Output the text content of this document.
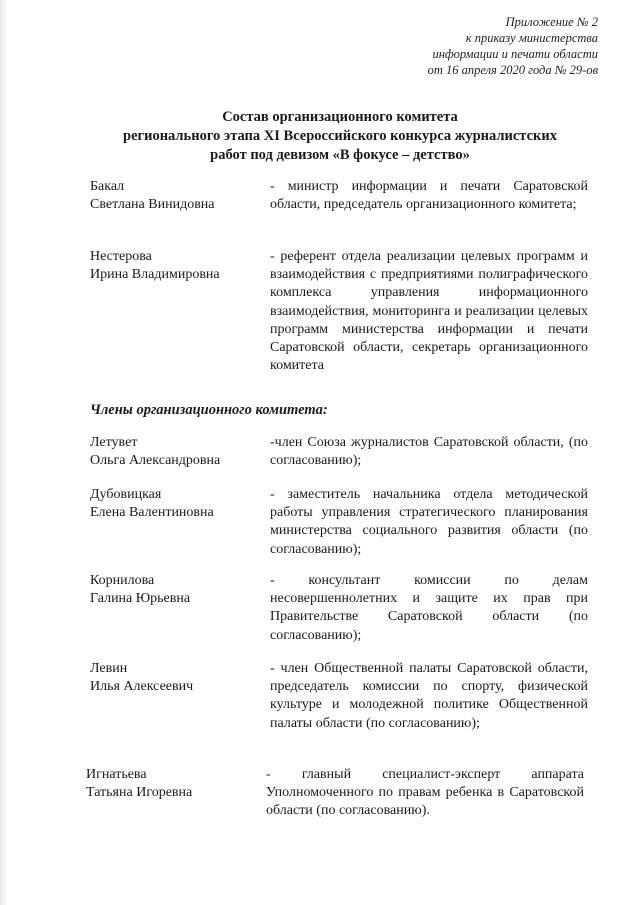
Приложение № 2
к приказу министерства
информации и печати области
от 16 апреля 2020 года № 29-ов
Состав организационного комитета
регионального этапа XI Всероссийского конкурса журналистских
работ под девизом «В фокусе – детство»
Бакал
Светлана Винидовна
- министр информации и печати Саратовской области, председатель организационного комитета;
Нестерова
Ирина Владимировна
- референт отдела реализации целевых программ и взаимодействия с предприятиями полиграфического комплекса управления информационного взаимодействия, мониторинга и реализации целевых программ министерства информации и печати Саратовской области, секретарь организационного комитета
Члены организационного комитета:
Летувет
Ольга Александровна
-член Союза журналистов Саратовской области, (по согласованию);
Дубовицкая
Елена Валентиновна
- заместитель начальника отдела методической работы управления стратегического планирования министерства социального развития области (по согласованию);
Корнилова
Галина Юрьевна
- консультант комиссии по делам несовершеннолетних и защите их прав при Правительстве Саратовской области (по согласованию);
Левин
Илья Алексеевич
- член Общественной палаты Саратовской области, председатель комиссии по спорту, физической культуре и молодежной политике Общественной палаты области (по согласованию);
Игнатьева
Татьяна Игоревна
- главный специалист-эксперт аппарата Уполномоченного по правам ребенка в Саратовской области (по согласованию).
